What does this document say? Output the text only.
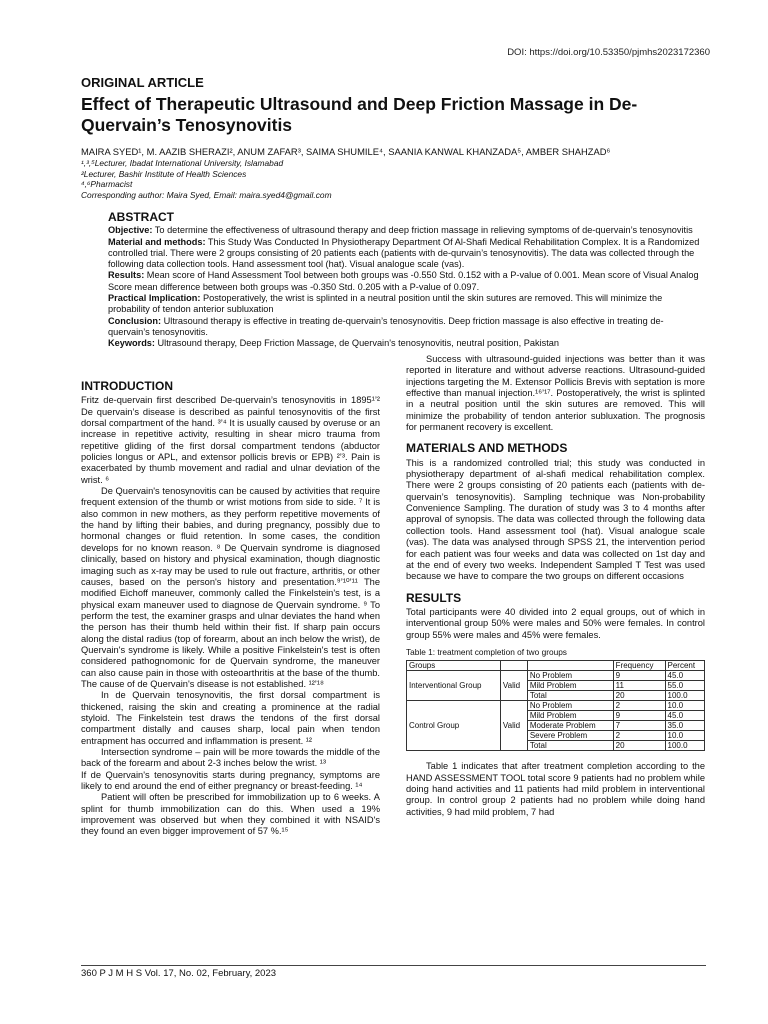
DOI: https://doi.org/10.53350/pjmhs2023172360
ORIGINAL ARTICLE
Effect of Therapeutic Ultrasound and Deep Friction Massage in De-Quervain’s Tenosynovitis
MAIRA SYED¹, M. AAZIB SHERAZI², ANUM ZAFAR³, SAIMA SHUMILE⁴, SAANIA KANWAL KHANZADA⁵, AMBER SHAHZAD⁶
¹,³,⁵Lecturer, Ibadat International University, Islamabad
²Lecturer, Bashir Institute of Health Sciences
⁴,⁶Pharmacist
Corresponding author: Maira Syed, Email: maira.syed4@gmail.com
ABSTRACT

Objective: To determine the effectiveness of ultrasound therapy and deep friction massage in relieving symptoms of de-quervain’s tenosynovitis

Material and methods: This Study Was Conducted In Physiotherapy Department Of Al-Shafi Medical Rehabilitation Complex. It is a Randomized controlled trial. There were 2 groups consisting of 20 patients each (patients with de-qurvain’s tenosynovitis). The data was collected through the following data collection tools. Hand assessment tool (hat). Visual analogue scale (vas).

Results: Mean score of Hand Assessment Tool between both groups was -0.550 Std. 0.152 with a P-value of 0.001. Mean score of Visual Analog Score mean difference between both groups was -0.350 Std. 0.205 with a P-value of 0.097.

Practical Implication: Postoperatively, the wrist is splinted in a neutral position until the skin sutures are removed. This will minimize the probability of tendon anterior subluxation

Conclusion: Ultrasound therapy is effective in treating de-quervain’s tenosynovitis. Deep friction massage is also effective in treating de-quervain’s tenosynovitis.

Keywords: Ultrasound therapy, Deep Friction Massage, de Quervain's tenosynovitis, neutral position, Pakistan

INTRODUCTION

Fritz de-quervain first described De-quervain’s tenosynovitis in 1895¹’² De quervain’s disease is described as painful tenosynovitis of the first dorsal compartment of the hand. ³’⁴ It is usually caused by overuse or an increase in repetitive activity, resulting in shear micro trauma from repetitive gliding of the first dorsal compartment tendons (abductor policies longus or APL, and extensor pollicis brevis or EPB) ²’³. Pain is exacerbated by thumb movement and radial and ulnar deviation of the wrist. ⁶

De Quervain's tenosynovitis can be caused by activities that require frequent extension of the thumb or wrist motions from side to side. ⁷ It is also common in new mothers, as they perform repetitive movements of the hand by lifting their babies, and during pregnancy, possibly due to hormonal changes or fluid retention. In some cases, the condition develops for no known reason. ⁸ De Quervain syndrome is diagnosed clinically, based on history and physical examination, though diagnostic imaging such as x-ray may be used to rule out fracture, arthritis, or other causes, based on the person's history and presentation.⁹’¹⁰’¹¹ The modified Eichoff maneuver, commonly called the Finkelstein's test, is a physical exam maneuver used to diagnose de Quervain syndrome. ⁹ To perform the test, the examiner grasps and ulnar deviates the hand when the person has their thumb held within their fist. If sharp pain occurs along the distal radius (top of forearm, about an inch below the wrist), de Quervain's syndrome is likely. While a positive Finkelstein's test is often considered pathognomonic for de Quervain syndrome, the maneuver can also cause pain in those with osteoarthritis at the base of the thumb. The cause of de Quervain's disease is not established. ¹²’¹⁸

In de Quervain tenosynovitis, the first dorsal compartment is thickened, raising the skin and creating a prominence at the radial styloid. The Finkelstein test draws the tendons of the first dorsal compartment distally and causes sharp, local pain when tendon entrapment has occurred and inflammation is present. ¹²

Intersection syndrome – pain will be more towards the middle of the back of the forearm and about 2-3 inches below the wrist. ¹³

If de Quervain's tenosynovitis starts during pregnancy, symptoms are likely to end around the end of either pregnancy or breast-feeding. ¹⁴

Patient will often be prescribed for immobilization up to 6 weeks. A splint for thumb immobilization can do this. When used a 19% improvement was observed but when they combined it with NSAID's they found an even bigger improvement of 57 %.¹⁵

Success with ultrasound-guided injections was better than it was reported in literature and without adverse reactions. Ultrasound-guided injections targeting the M. Extensor Pollicis Brevis with septation is more effective than manual injection.¹⁶’¹⁷. Postoperatively, the wrist is splinted in a neutral position until the skin sutures are removed. This will minimize the probability of tendon anterior subluxation. The prognosis for permanent recovery is excellent.

MATERIALS AND METHODS

This is a randomized controlled trial; this study was conducted in physiotherapy department of al-shafi medical rehabilitation complex. There were 2 groups consisting of 20 patients each (patients with de-quervain’s tenosynovitis). Sampling technique was Non-probability Convenience Sampling. The duration of study was 3 to 4 months after approval of synopsis. The data was collected through the following data collection tools. Hand assessment tool (hat). Visual analogue scale (vas). The data was analysed through SPSS 21, the intervention period for each patient was four weeks and data was collected on 1st day and at the end of every two weeks. Independent Sampled T Test was used because we have to compare the two groups on different occasions

RESULTS

Total participants were 40 divided into 2 equal groups, out of which in interventional group 50% were males and 50% were females. In control group 55% were males and 45% were females.

Table 1: treatment completion of two groups
Groups			Frequency	Percent
Interventional Group	Valid	No Problem	9	45.0
		Mild Problem	11	55.0
		Total	20	100.0
Control Group	Valid	No Problem	2	10.0
		Mild Problem	9	45.0
		Moderate Problem	7	35.0
		Severe Problem	2	10.0
		Total	20	100.0

Table 1 indicates that after treatment completion according to the HAND ASSESSMENT TOOL total score 9 patients had no problem while doing hand activities and 11 patients had mild problem in interventional group. In control group 2 patients had no problem while doing hand activities, 9 had mild problem, 7 had

360 P J M H S Vol. 17, No. 02, February, 2023
